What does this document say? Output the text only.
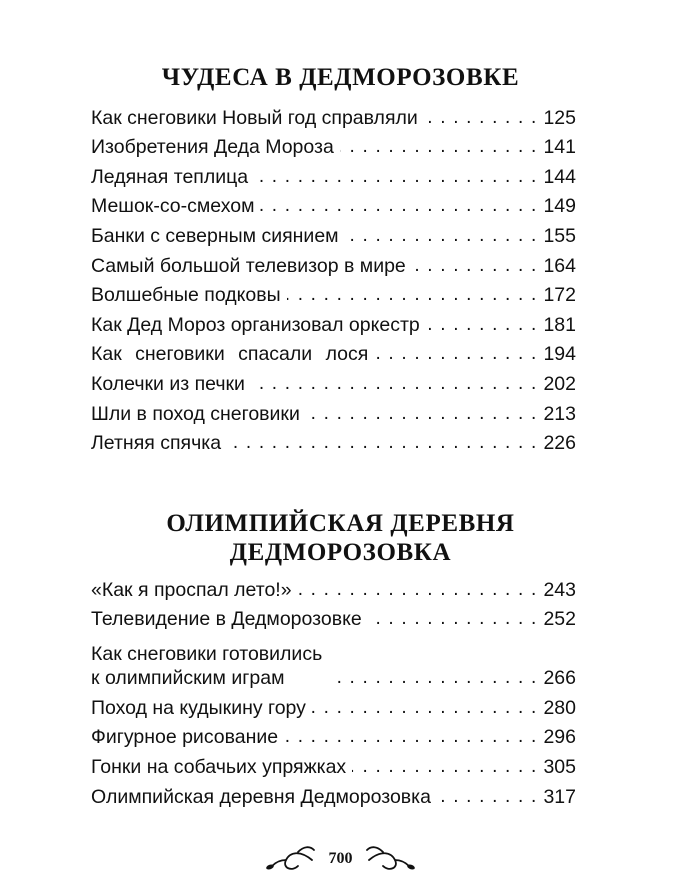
ЧУДЕСА В ДЕДМОРОЗОВКЕ
Как снеговики Новый год справляли . . .	125
Изобретения Деда Мороза . . .	141
Ледяная теплица . . .	144
Мешок-со-смехом . . .	149
Банки с северным сиянием . . .	155
Самый большой телевизор в мире . . .	164
Волшебные подковы . . .	172
Как Дед Мороз организовал оркестр . . .	181
Как снеговики спасали лося . . .	194
Колечки из печки . . .	202
Шли в поход снеговики . . .	213
Летняя спячка . . .	226
ОЛИМПИЙСКАЯ ДЕРЕВНЯ
ДЕДМОРОЗОВКА
«Как я проспал лето!» . . .	243
Телевидение в Дедморозовке . . .	252
Как снеговики готовились
к олимпийским играм . . .	266
Поход на кудыкину гору . . .	280
Фигурное рисование . . .	296
Гонки на собачьих упряжках . . .	305
Олимпийская деревня Дедморозовка . . .	317
700
